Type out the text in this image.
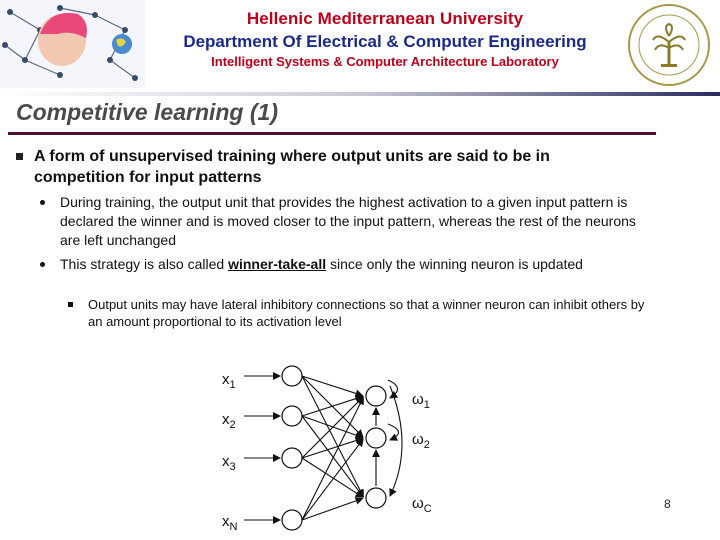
Hellenic Mediterranean University
Department Of Electrical & Computer Engineering
Intelligent Systems & Computer Architecture Laboratory
Competitive learning (1)
A form of unsupervised training where output units are said to be in competition for input patterns
During training, the output unit that provides the highest activation to a given input pattern is declared the winner and is moved closer to the input pattern, whereas the rest of the neurons are left unchanged
This strategy is also called winner-take-all since only the winning neuron is updated
Output units may have lateral inhibitory connections so that a winner neuron can inhibit others by an amount proportional to its activation level
$x_1$
$x_2$
$x_3$
$x_N$
$\omega_1$
$\omega_2$
$\omega_C$	8
